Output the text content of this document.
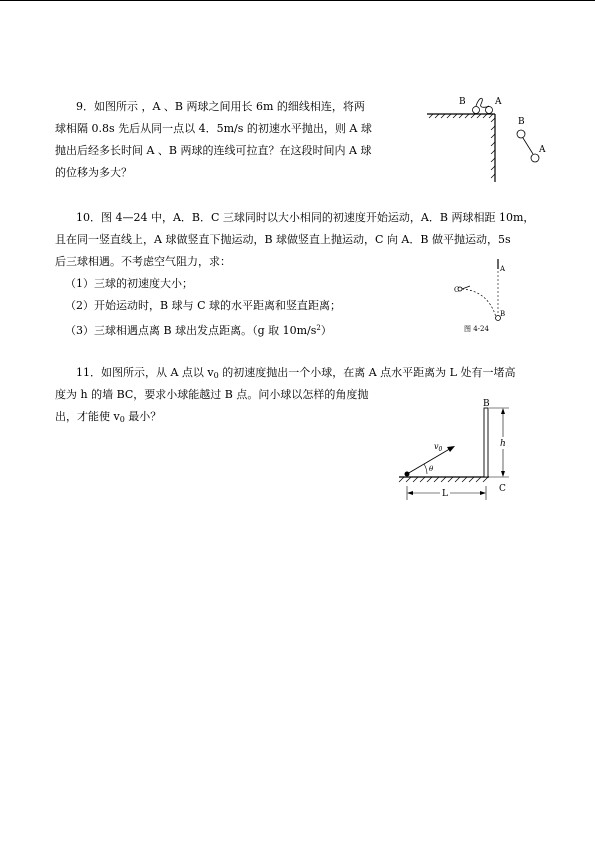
9．如图所示 ，A 、B 两球之间用长 6m 的细线相连，将两
球相隔 0.8s 先后从同一点以 4．5m/s 的初速水平抛出，则 A 球
抛出后经多长时间 A 、B 两球的连线可拉直？在这段时间内 A 球
的位移为多大？
B	A
B
A
10．图 4—24 中，A．B．C 三球同时以大小相同的初速度开始运动，A．B 两球相距 10m，
且在同一竖直线上，A 球做竖直下抛运动，B 球做竖直上抛运动，C 向 A．B 做平抛运动，5s
后三球相遇。不考虑空气阻力，求：
（1）三球的初速度大小；
（2）开始运动时，B 球与 C 球的水平距离和竖直距离；
（3）三球相遇点离 B 球出发点距离。（g 取 $10m/s^2$）
A
C
B
图 4-24
11．如图所示，从 A 点以 $v_0$ 的初速度抛出一个小球，在离 A 点水平距离为 L 处有一堵高
度为 h 的墙 BC，要求小球能越过 B 点。问小球以怎样的角度抛
出，才能使 $v_0$ 最小？
B
C
h
$v_0$
θ
L
